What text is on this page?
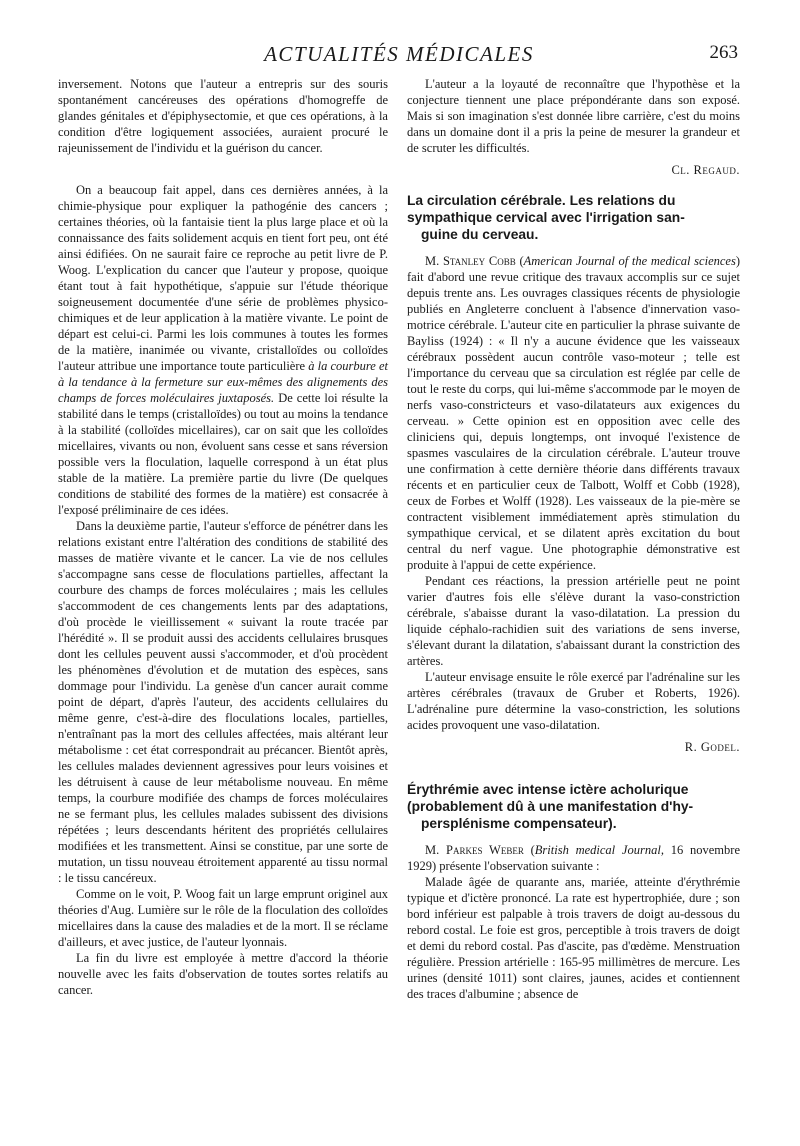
ACTUALITÉS MÉDICALES	263

inversement. Notons que l'auteur a entrepris sur des souris spontanément cancéreuses des opérations d'homogreffe de glandes génitales et d'épiphysectomie, et que ces opérations, à la condition d'être logiquement associées, auraient procuré le rajeunissement de l'individu et la guérison du cancer.

On a beaucoup fait appel, dans ces dernières années, à la chimie-physique pour expliquer la pathogénie des cancers ; certaines théories, où la fantaisie tient la plus large place et où la connaissance des faits solidement acquis en tient fort peu, ont été ainsi édifiées. On ne saurait faire ce reproche au petit livre de P. Woog. L'explication du cancer que l'auteur y propose, quoique étant tout à fait hypothétique, s'appuie sur l'étude théorique soigneusement documentée d'une série de problèmes physico-chimiques et de leur application à la matière vivante. Le point de départ est celui-ci. Parmi les lois communes à toutes les formes de la matière, inanimée ou vivante, cristalloïdes ou colloïdes l'auteur attribue une importance toute particulière à la courbure et à la tendance à la fermeture sur eux-mêmes des alignements des champs de forces moléculaires juxtaposés. De cette loi résulte la stabilité dans le temps (cristalloïdes) ou tout au moins la tendance à la stabilité (colloïdes micellaires), car on sait que les colloïdes micellaires, vivants ou non, évoluent sans cesse et sans réversion possible vers la floculation, laquelle correspond à un état plus stable de la matière. La première partie du livre (De quelques conditions de stabilité des formes de la matière) est consacrée à l'exposé préliminaire de ces idées.

Dans la deuxième partie, l'auteur s'efforce de pénétrer dans les relations existant entre l'altération des conditions de stabilité des masses de matière vivante et le cancer. La vie de nos cellules s'accompagne sans cesse de floculations partielles, affectant la courbure des champs de forces moléculaires ; mais les cellules s'accommodent de ces changements lents par des adaptations, d'où procède le vieillissement « suivant la route tracée par l'hérédité ». Il se produit aussi des accidents cellulaires brusques dont les cellules peuvent aussi s'accommoder, et d'où procèdent les phénomènes d'évolution et de mutation des espèces, sans dommage pour l'individu. La genèse d'un cancer aurait comme point de départ, d'après l'auteur, des accidents cellulaires du même genre, c'est-à-dire des floculations locales, partielles, n'entraînant pas la mort des cellules affectées, mais altérant leur métabolisme : cet état correspondrait au précancer. Bientôt après, les cellules malades deviennent agressives pour leurs voisines et les détruisent à cause de leur métabolisme nouveau. En même temps, la courbure modifiée des champs de forces moléculaires ne se fermant plus, les cellules malades subissent des divisions répétées ; leurs descendants héritent des propriétés cellulaires modifiées et les transmettent. Ainsi se constitue, par une sorte de mutation, un tissu nouveau étroitement apparenté au tissu normal : le tissu cancéreux.

Comme on le voit, P. Woog fait un large emprunt originel aux théories d'Aug. Lumière sur le rôle de la floculation des colloïdes micellaires dans la cause des maladies et de la mort. Il se réclame d'ailleurs, et avec justice, de l'auteur lyonnais.

La fin du livre est employée à mettre d'accord la théorie nouvelle avec les faits d'observation de toutes sortes relatifs au cancer.

L'auteur a la loyauté de reconnaître que l'hypothèse et la conjecture tiennent une place prépondérante dans son exposé. Mais si son imagination s'est donnée libre carrière, c'est du moins dans un domaine dont il a pris la peine de mesurer la grandeur et de scruter les difficultés.

Cl. Regaud.
La circulation cérébrale. Les relations du sympathique cervical avec l'irrigation san-
guine du cerveau.

M. Stanley Cobb (American Journal of the medical sciences) fait d'abord une revue critique des travaux accomplis sur ce sujet depuis trente ans. Les ouvrages classiques récents de physiologie publiés en Angleterre concluent à l'absence d'innervation vaso-motrice cérébrale. L'auteur cite en particulier la phrase suivante de Bayliss (1924) : « Il n'y a aucune évidence que les vaisseaux cérébraux possèdent aucun contrôle vaso-moteur ; telle est l'importance du cerveau que sa circulation est réglée par celle de tout le reste du corps, qui lui-même s'accommode par le moyen de nerfs vaso-constricteurs et vaso-dilatateurs aux exigences du cerveau. » Cette opinion est en opposition avec celle des cliniciens qui, depuis longtemps, ont invoqué l'existence de spasmes vasculaires de la circulation cérébrale. L'auteur trouve une confirmation à cette dernière théorie dans différents travaux récents et en particulier ceux de Talbott, Wolff et Cobb (1928), ceux de Forbes et Wolff (1928). Les vaisseaux de la pie-mère se contractent visiblement immédiatement après stimulation du sympathique cervical, et se dilatent après excitation du bout central du nerf vague. Une photographie démonstrative est produite à l'appui de cette expérience.

Pendant ces réactions, la pression artérielle peut ne point varier d'autres fois elle s'élève durant la vaso-constriction cérébrale, s'abaisse durant la vaso-dilatation. La pression du liquide céphalo-rachidien suit des variations de sens inverse, s'élevant durant la dilatation, s'abaissant durant la constriction des artères.

L'auteur envisage ensuite le rôle exercé par l'adrénaline sur les artères cérébrales (travaux de Gruber et Roberts, 1926). L'adrénaline pure détermine la vaso-constriction, les solutions acides provoquent une vaso-dilatation.

R. Godel.
Érythrémie avec intense ictère acholurique (probablement dû à une manifestation d'hy-
persplénisme compensateur).

M. Parkes Weber (British medical Journal, 16 novembre 1929) présente l'observation suivante :

Malade âgée de quarante ans, mariée, atteinte d'érythrémie typique et d'ictère prononcé. La rate est hypertrophiée, dure ; son bord inférieur est palpable à trois travers de doigt au-dessous du rebord costal. Le foie est gros, perceptible à trois travers de doigt et demi du rebord costal. Pas d'ascite, pas d'œdème. Menstruation régulière. Pression artérielle : 165-95 millimètres de mercure. Les urines (densité 1011) sont claires, jaunes, acides et contiennent des traces d'albumine ; absence de
